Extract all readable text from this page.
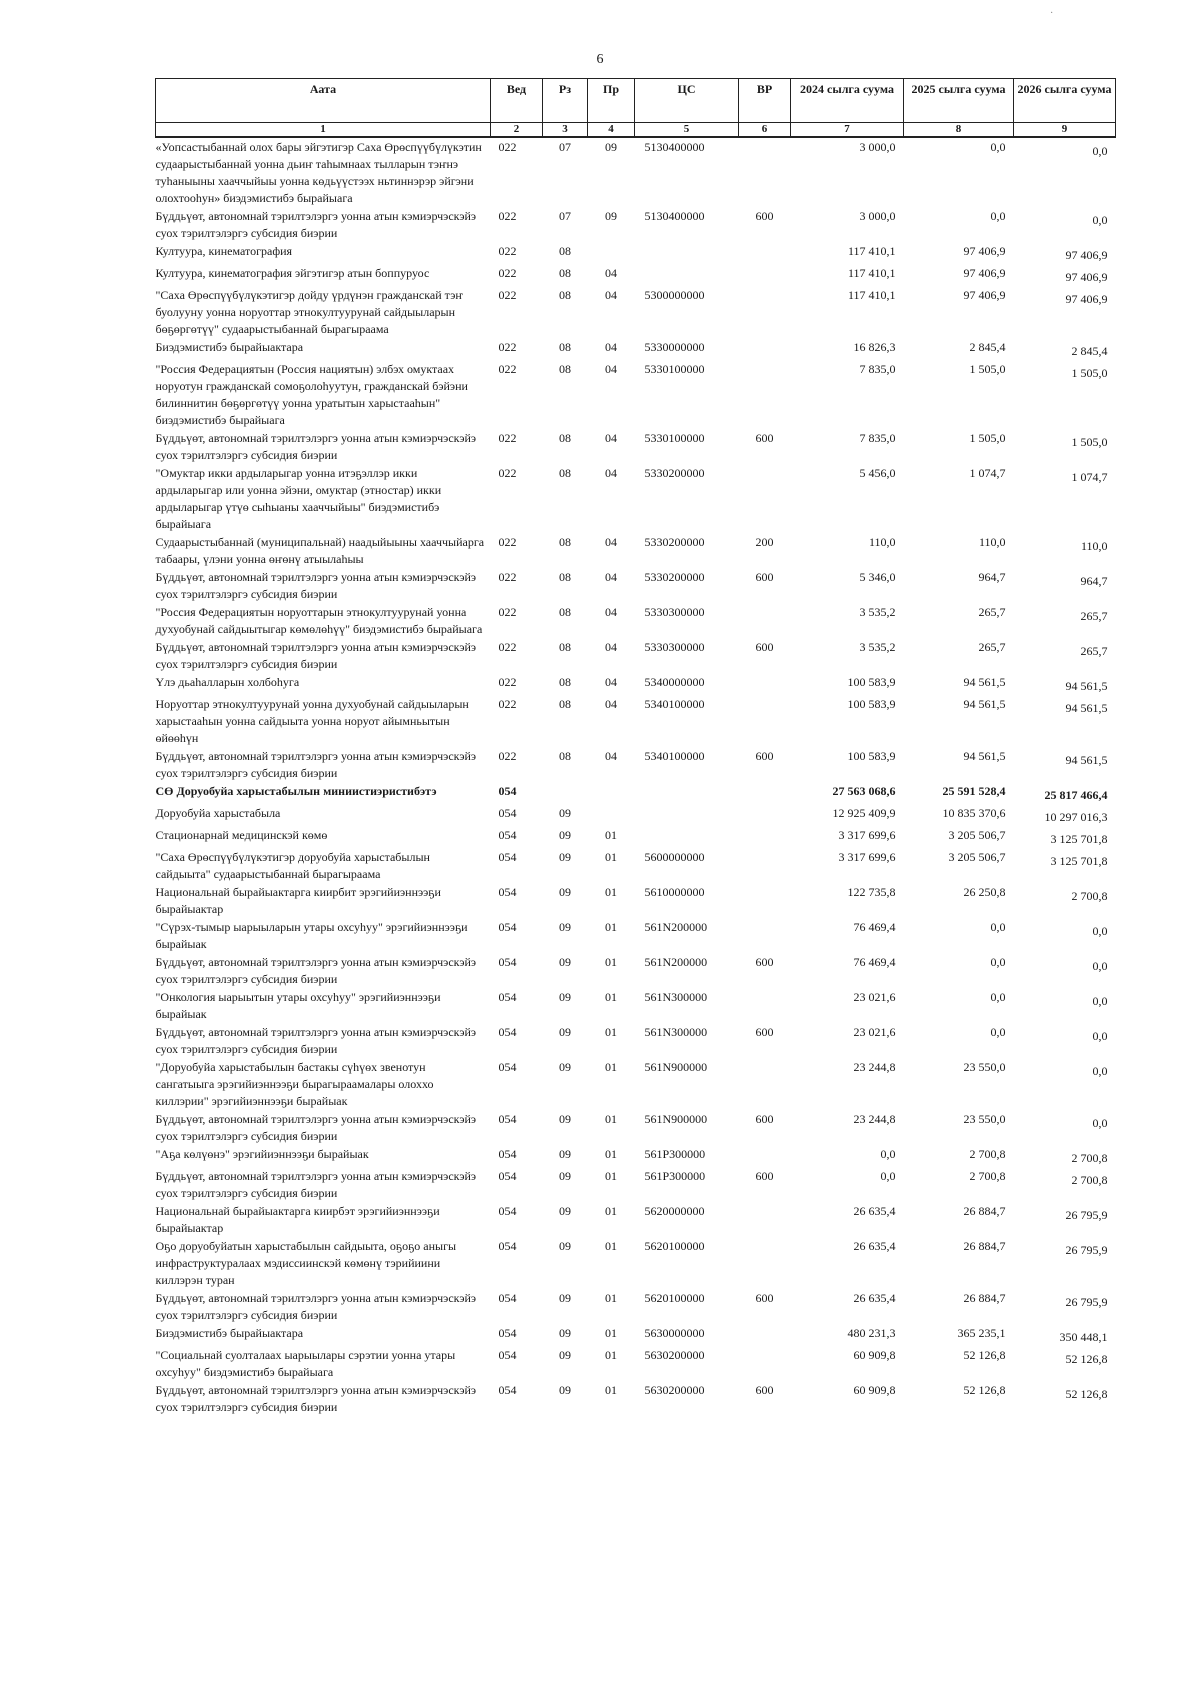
·
6
Аата	Вед	Рз	Пр	ЦС	ВР	2024 сылга суума	2025 сылга суума	2026 сылга суума
1	2	3	4	5	6	7	8	9
«Уопсастыбаннай олох бары эйгэтигэр Саха Өрөспүүбүлүкэтин судаарыстыбаннай уонна дьиҥ таһымнаах тылларын тэҥнэ туһаныыны хааччыйыы уонна көдьүүстээх ньтиннэрэр эйгэни олохтооһун» биэдэмистибэ бырайыага	022	07	09	5130400000		3 000,0	0,0	0,0
Бүддьүөт, автономнай тэрилтэлэргэ уонна атын кэмиэрчэскэйэ суох тэрилтэлэргэ субсидия биэрии	022	07	09	5130400000	600	3 000,0	0,0	0,0
Култуура, кинематография	022	08				117 410,1	97 406,9	97 406,9
Култуура, кинематография эйгэтигэр атын боппуруос	022	08	04			117 410,1	97 406,9	97 406,9
"Саха Өрөспүүбүлүкэтигэр дойду үрдүнэн гражданскай тэҥ буолууну уонна норуоттар этнокултуурунай сайдыыларын бөҕөргөтүү" судаарыстыбаннай бырагыраама	022	08	04	5300000000		117 410,1	97 406,9	97 406,9
Биэдэмистибэ бырайыактара	022	08	04	5330000000		16 826,3	2 845,4	2 845,4
"Россия Федерациятын (Россия нациятын) элбэх омуктаах норуотун гражданскай сомоҕолоһуутун, гражданскай бэйэни билиннитин бөҕөргөтүү уонна уратытын харыстааһын" биэдэмистибэ бырайыага	022	08	04	5330100000		7 835,0	1 505,0	1 505,0
Бүддьүөт, автономнай тэрилтэлэргэ уонна атын кэмиэрчэскэйэ суох тэрилтэлэргэ субсидия биэрии	022	08	04	5330100000	600	7 835,0	1 505,0	1 505,0
"Омуктар икки ардыларыгар уонна итэҕэллэр икки ардыларыгар или уонна эйэни, омуктар (этностар) икки ардыларыгар үтүө сыһыаны хааччыйыы" биэдэмистибэ бырайыага	022	08	04	5330200000		5 456,0	1 074,7	1 074,7
Судаарыстыбаннай (муниципальнай) наадыйыыны хааччыйарга табаары, үлэни уонна өҥөнү атыылаһыы	022	08	04	5330200000	200	110,0	110,0	110,0
Бүддьүөт, автономнай тэрилтэлэргэ уонна атын кэмиэрчэскэйэ суох тэрилтэлэргэ субсидия биэрии	022	08	04	5330200000	600	5 346,0	964,7	964,7
"Россия Федерациятын норуоттарын этнокултуурунай уонна духуобунай сайдыытыгар көмөлөһүү" биэдэмистибэ бырайыага	022	08	04	5330300000		3 535,2	265,7	265,7
Бүддьүөт, автономнай тэрилтэлэргэ уонна атын кэмиэрчэскэйэ суох тэрилтэлэргэ субсидия биэрии	022	08	04	5330300000	600	3 535,2	265,7	265,7
Үлэ дьаһалларын холбоһуга	022	08	04	5340000000		100 583,9	94 561,5	94 561,5
Норуоттар этнокултуурунай уонна духуобунай сайдыыларын харыстааһын уонна сайдыыта уонна норуот айымньытын өйөөһүн	022	08	04	5340100000		100 583,9	94 561,5	94 561,5
Бүддьүөт, автономнай тэрилтэлэргэ уонна атын кэмиэрчэскэйэ суох тэрилтэлэргэ субсидия биэрии	022	08	04	5340100000	600	100 583,9	94 561,5	94 561,5
СӨ Доруобуйа харыстабылын миниистиэристибэтэ	054					27 563 068,6	25 591 528,4	25 817 466,4
Доруобуйа харыстабыла	054	09				12 925 409,9	10 835 370,6	10 297 016,3
Стационарнай медицинскэй көмө	054	09	01			3 317 699,6	3 205 506,7	3 125 701,8
"Саха Өрөспүүбүлүкэтигэр доруобуйа харыстабылын сайдыыта" судаарыстыбаннай бырагыраама	054	09	01	5600000000		3 317 699,6	3 205 506,7	3 125 701,8
Национальнай бырайыактарга киирбит эрэгийиэннээҕи бырайыактар	054	09	01	5610000000		122 735,8	26 250,8	2 700,8
"Сүрэх-тымыр ыарыыларын утары охсуһуу" эрэгийиэннээҕи бырайыак	054	09	01	561N200000		76 469,4	0,0	0,0
Бүддьүөт, автономнай тэрилтэлэргэ уонна атын кэмиэрчэскэйэ суох тэрилтэлэргэ субсидия биэрии	054	09	01	561N200000	600	76 469,4	0,0	0,0
"Онкология ыарыытын утары охсуһуу" эрэгийиэннээҕи бырайыак	054	09	01	561N300000		23 021,6	0,0	0,0
Бүддьүөт, автономнай тэрилтэлэргэ уонна атын кэмиэрчэскэйэ суох тэрилтэлэргэ субсидия биэрии	054	09	01	561N300000	600	23 021,6	0,0	0,0
"Доруобуйа харыстабылын бастакы сүһүөх звенотун сангатыыга эрэгийиэннээҕи бырагыраамалары олоххо киллэрии" эрэгийиэннээҕи бырайыак	054	09	01	561N900000		23 244,8	23 550,0	0,0
Бүддьүөт, автономнай тэрилтэлэргэ уонна атын кэмиэрчэскэйэ суох тэрилтэлэргэ субсидия биэрии	054	09	01	561N900000	600	23 244,8	23 550,0	0,0
"Аҕа көлүөнэ" эрэгийиэннээҕи бырайыак	054	09	01	561P300000		0,0	2 700,8	2 700,8
Бүддьүөт, автономнай тэрилтэлэргэ уонна атын кэмиэрчэскэйэ суох тэрилтэлэргэ субсидия биэрии	054	09	01	561P300000	600	0,0	2 700,8	2 700,8
Национальнай бырайыактарга киирбэт эрэгийиэннээҕи бырайыактар	054	09	01	5620000000		26 635,4	26 884,7	26 795,9
Оҕо доруобуйатын харыстабылын сайдыыта, оҕоҕо аныгы инфраструктуралаах мэдиссиинскэй көмөнү тэрийиини киллэрэн туран	054	09	01	5620100000		26 635,4	26 884,7	26 795,9
Бүддьүөт, автономнай тэрилтэлэргэ уонна атын кэмиэрчэскэйэ суох тэрилтэлэргэ субсидия биэрии	054	09	01	5620100000	600	26 635,4	26 884,7	26 795,9
Биэдэмистибэ бырайыактара	054	09	01	5630000000		480 231,3	365 235,1	350 448,1
"Социальнай суолталаах ыарыылары сэрэтии уонна утары охсуһуу" биэдэмистибэ бырайыага	054	09	01	5630200000		60 909,8	52 126,8	52 126,8
Бүддьүөт, автономнай тэрилтэлэргэ уонна атын кэмиэрчэскэйэ суох тэрилтэлэргэ субсидия биэрии	054	09	01	5630200000	600	60 909,8	52 126,8	52 126,8
